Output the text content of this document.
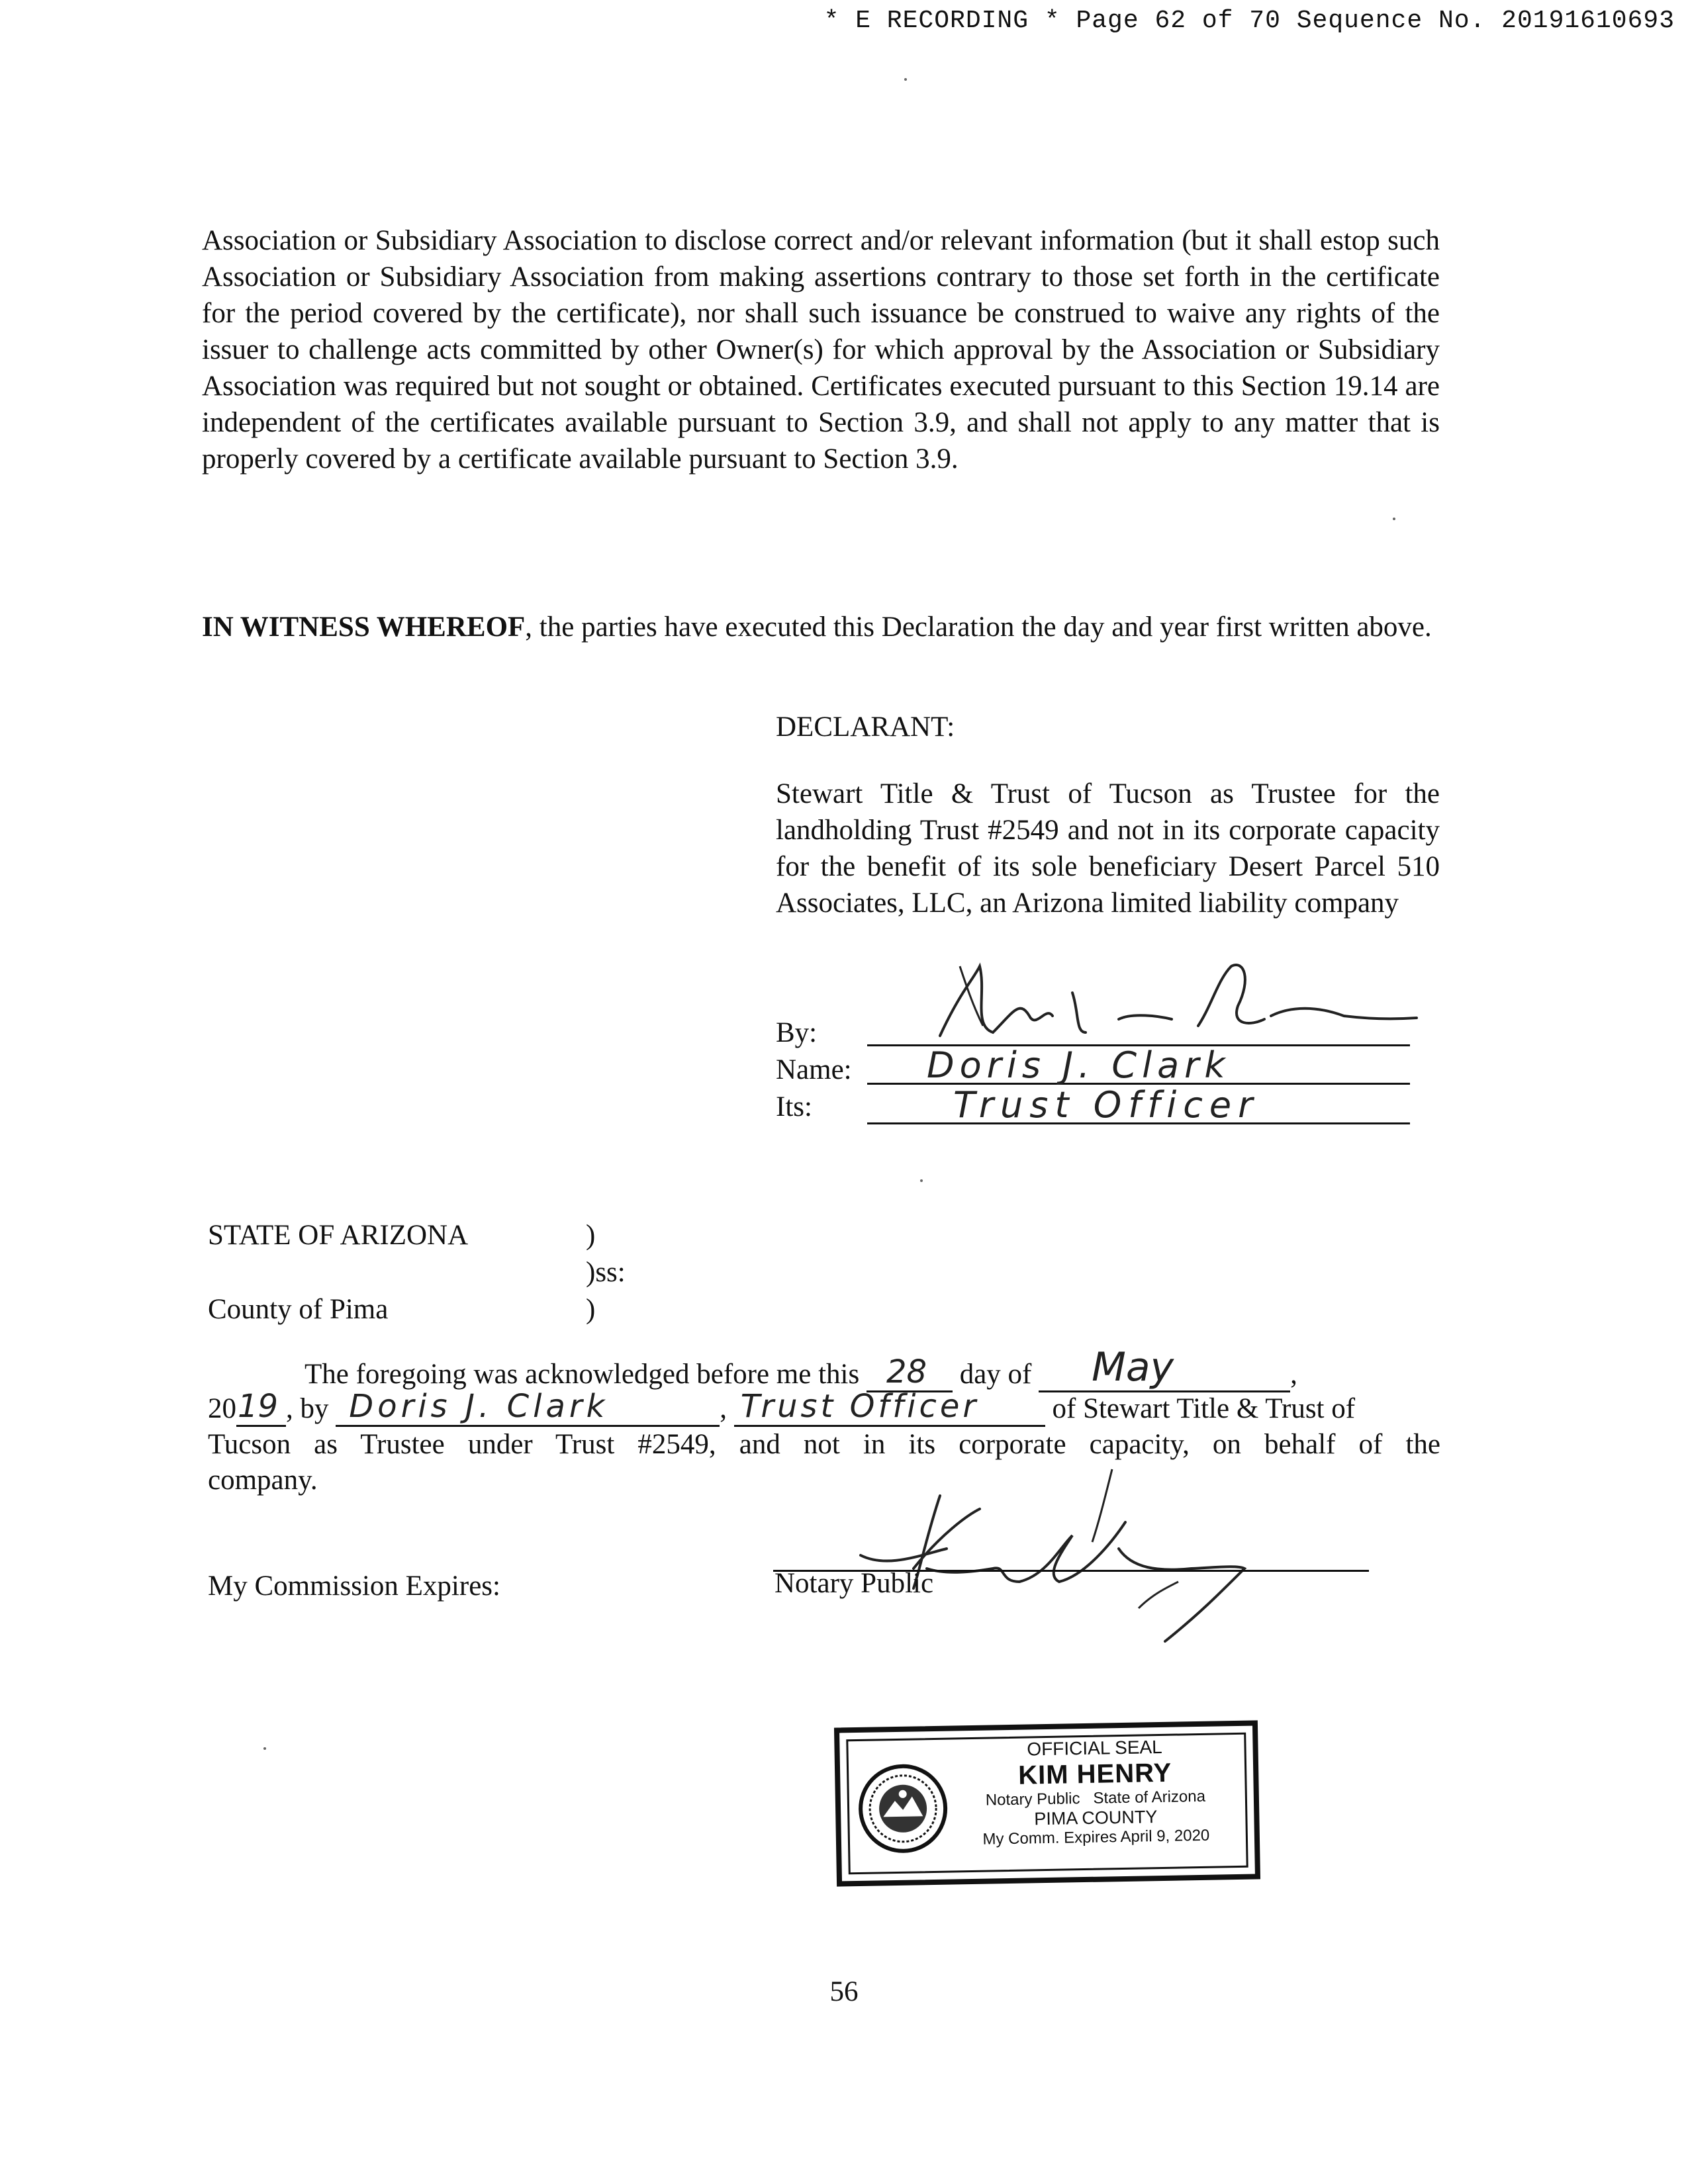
* E RECORDING * Page 62 of 70 Sequence No. 20191610693

Association or Subsidiary Association to disclose correct and/or relevant information (but it shall estop such Association or Subsidiary Association from making assertions contrary to those set forth in the certificate for the period covered by the certificate), nor shall such issuance be construed to waive any rights of the issuer to challenge acts committed by other Owner(s) for which approval by the Association or Subsidiary Association was required but not sought or obtained. Certificates executed pursuant to this Section 19.14 are independent of the certificates available pursuant to Section 3.9, and shall not apply to any matter that is properly covered by a certificate available pursuant to Section 3.9.

IN WITNESS WHEREOF, the parties have executed this Declaration the day and year first written above.

DECLARANT:

Stewart Title & Trust of Tucson as Trustee for the landholding Trust #2549 and not in its corporate capacity for the benefit of its sole beneficiary Desert Parcel 510 Associates, LLC, an Arizona limited liability company

By:
Name: Doris J. Clark
Its:	Trust Officer
STATE OF ARIZONA	)
)ss:
County of Pima	)
The foregoing was acknowledged before me this 28 day of May	,
20 19 , by Doris J. Clark	, Trust Officer	of Stewart Title & Trust of
Tucson as Trustee under Trust #2549, and not in its corporate capacity, on behalf of the
company.
My Commission Expires:	Notary Public
OFFICIAL SEAL
KIM HENRY
Notary Public   State of Arizona
PIMA COUNTY
My Comm. Expires April 9, 2020
56
